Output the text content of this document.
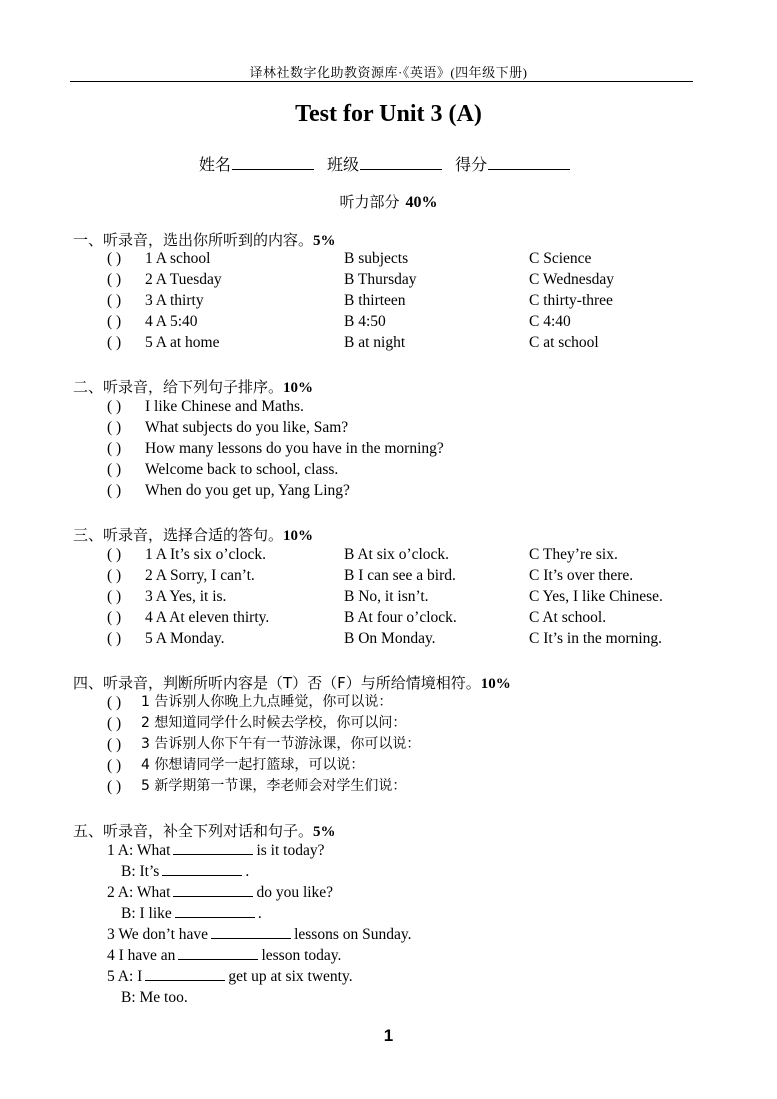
译林社数字化助教资源库·《英语》(四年级下册)
Test for Unit 3 (A)
姓名	班级	得分
听力部分 40%
一、听录音，选出你所听到的内容。5%
( ) 1 A school	B subjects	C Science
( ) 2 A Tuesday	B Thursday	C Wednesday
( ) 3 A thirty	B thirteen	C thirty-three
( ) 4 A 5:40	B 4:50	C 4:40
( ) 5 A at home	B at night	C at school
二、听录音，给下列句子排序。10%
( ) I like Chinese and Maths.
( ) What subjects do you like, Sam?
( ) How many lessons do you have in the morning?
( ) Welcome back to school, class.
( ) When do you get up, Yang Ling?
三、听录音，选择合适的答句。10%
( ) 1 A It’s six o’clock.	B At six o’clock.	C They’re six.
( ) 2 A Sorry, I can’t.	B I can see a bird.	C It’s over there.
( ) 3 A Yes, it is.	B No, it isn’t.	C Yes, I like Chinese.
( ) 4 A At eleven thirty.	B At four o’clock.	C At school.
( ) 5 A Monday.	B On Monday.	C It’s in the morning.
四、听录音，判断所听内容是（T）否（F）与所给情境相符。10%
( ) 1 告诉别人你晚上九点睡觉，你可以说：
( ) 2 想知道同学什么时候去学校，你可以问：
( ) 3 告诉别人你下午有一节游泳课，你可以说：
( ) 4 你想请同学一起打篮球，可以说：
( ) 5 新学期第一节课，李老师会对学生们说：
五、听录音，补全下列对话和句子。5%
1 A: What	is it today?
B: It’s	.
2 A: What	do you like?
B: I like	.
3 We don’t have	lessons on Sunday.
4 I have an	lesson today.
5 A: I	get up at six twenty.
B: Me too.
1
